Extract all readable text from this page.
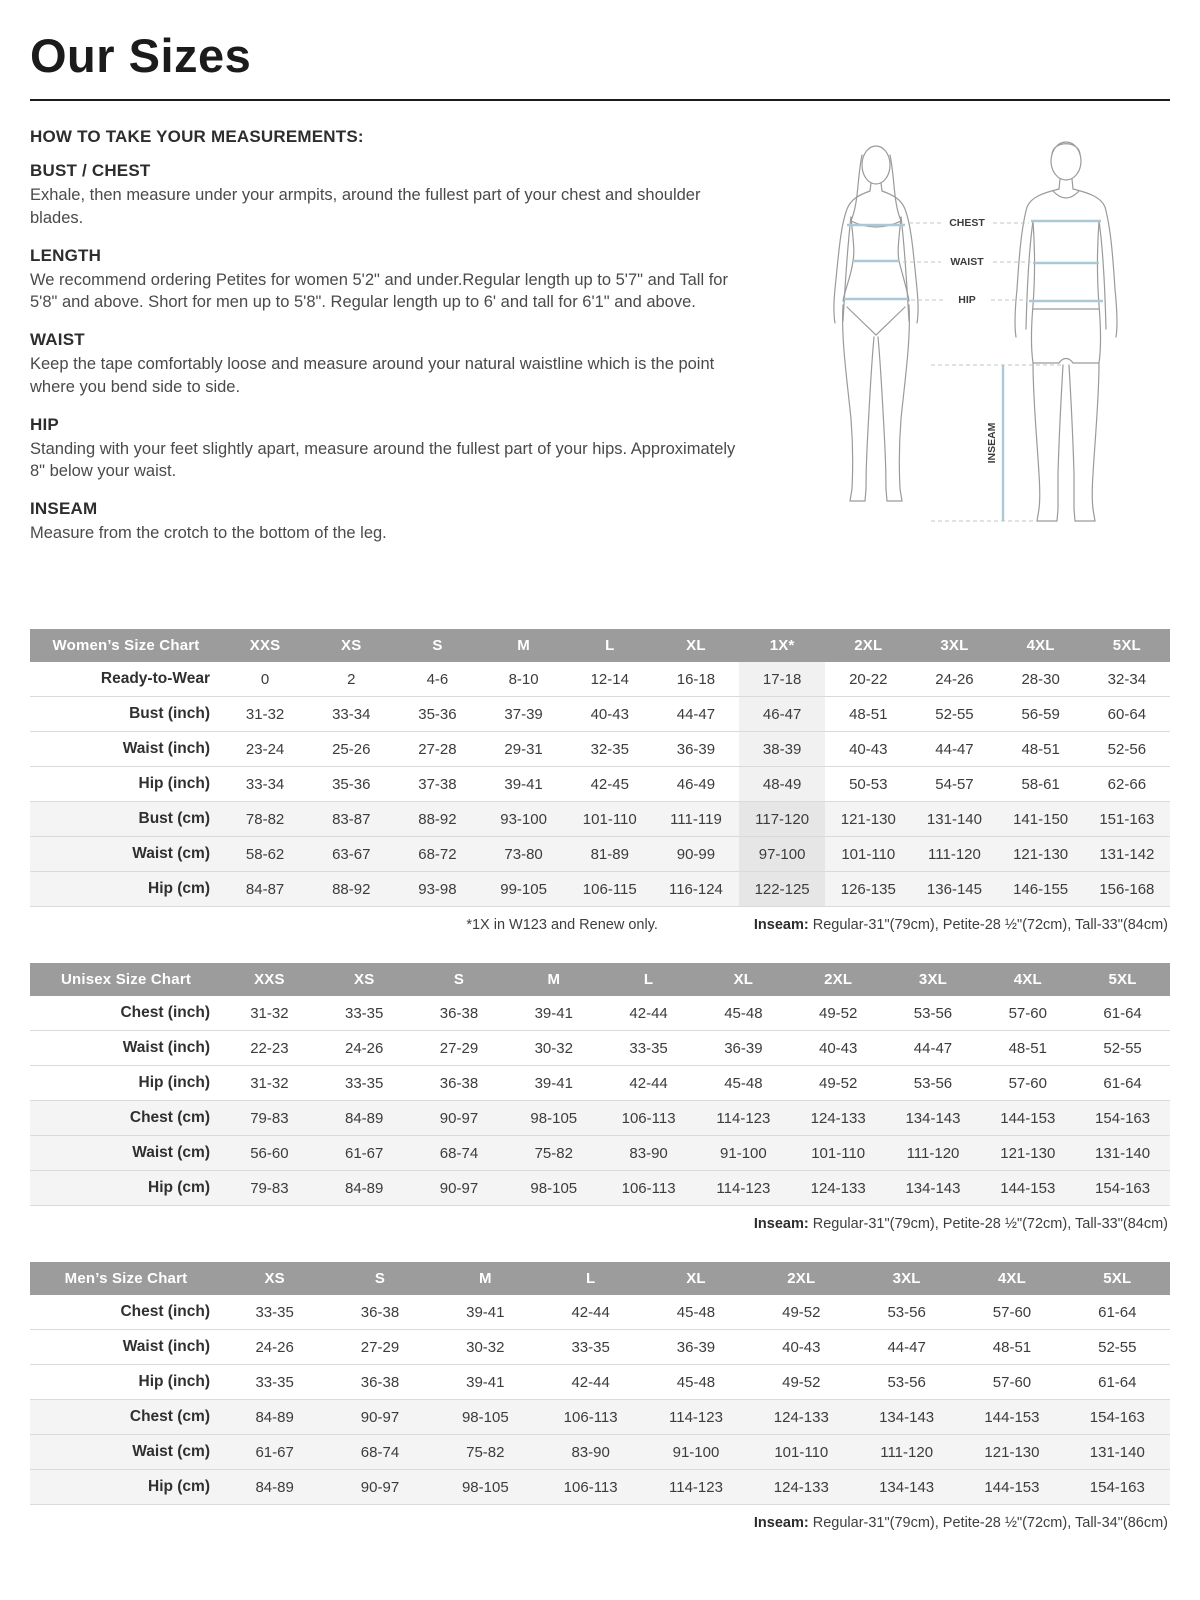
Our Sizes
HOW TO TAKE YOUR MEASUREMENTS:

BUST / CHEST

Exhale, then measure under your armpits, around the fullest part of your chest and shoulder blades.

LENGTH

We recommend ordering Petites for women 5'2" and under.Regular length up to 5'7" and Tall for 5'8" and above. Short for men up to 5'8". Regular length up to 6' and tall for 6'1" and above.

WAIST

Keep the tape comfortably loose and measure around your natural waistline which is the point where you bend side to side.

HIP

Standing with your feet slightly apart, measure around the fullest part of your hips. Approximately 8" below your waist.

INSEAM

Measure from the crotch to the bottom of the leg.

CHEST
WAIST
HIP
INSEAM
Women’s Size Chart	XXS	XS	S	M	L	XL	1X*	2XL	3XL	4XL	5XL
Ready-to-Wear	0	2	4-6	8-10	12-14	16-18	17-18	20-22	24-26	28-30	32-34
Bust (inch)	31-32	33-34	35-36	37-39	40-43	44-47	46-47	48-51	52-55	56-59	60-64
Waist (inch)	23-24	25-26	27-28	29-31	32-35	36-39	38-39	40-43	44-47	48-51	52-56
Hip (inch)	33-34	35-36	37-38	39-41	42-45	46-49	48-49	50-53	54-57	58-61	62-66
Bust (cm)	78-82	83-87	88-92	93-100	101-110	111-119	117-120	121-130	131-140	141-150	151-163
Waist (cm)	58-62	63-67	68-72	73-80	81-89	90-99	97-100	101-110	111-120	121-130	131-142
Hip (cm)	84-87	88-92	93-98	99-105	106-115	116-124	122-125	126-135	136-145	146-155	156-168
*1X in W123 and Renew only.	Inseam: Regular-31"(79cm), Petite-28 ½"(72cm), Tall-33"(84cm)
Unisex Size Chart	XXS	XS	S	M	L	XL	2XL	3XL	4XL	5XL
Chest (inch)	31-32	33-35	36-38	39-41	42-44	45-48	49-52	53-56	57-60	61-64
Waist (inch)	22-23	24-26	27-29	30-32	33-35	36-39	40-43	44-47	48-51	52-55
Hip (inch)	31-32	33-35	36-38	39-41	42-44	45-48	49-52	53-56	57-60	61-64
Chest (cm)	79-83	84-89	90-97	98-105	106-113	114-123	124-133	134-143	144-153	154-163
Waist (cm)	56-60	61-67	68-74	75-82	83-90	91-100	101-110	111-120	121-130	131-140
Hip (cm)	79-83	84-89	90-97	98-105	106-113	114-123	124-133	134-143	144-153	154-163
Inseam: Regular-31"(79cm), Petite-28 ½"(72cm), Tall-33"(84cm)
Men’s Size Chart	XS	S	M	L	XL	2XL	3XL	4XL	5XL
Chest (inch)	33-35	36-38	39-41	42-44	45-48	49-52	53-56	57-60	61-64
Waist (inch)	24-26	27-29	30-32	33-35	36-39	40-43	44-47	48-51	52-55
Hip (inch)	33-35	36-38	39-41	42-44	45-48	49-52	53-56	57-60	61-64
Chest (cm)	84-89	90-97	98-105	106-113	114-123	124-133	134-143	144-153	154-163
Waist (cm)	61-67	68-74	75-82	83-90	91-100	101-110	111-120	121-130	131-140
Hip (cm)	84-89	90-97	98-105	106-113	114-123	124-133	134-143	144-153	154-163
Inseam: Regular-31"(79cm), Petite-28 ½"(72cm), Tall-34"(86cm)
